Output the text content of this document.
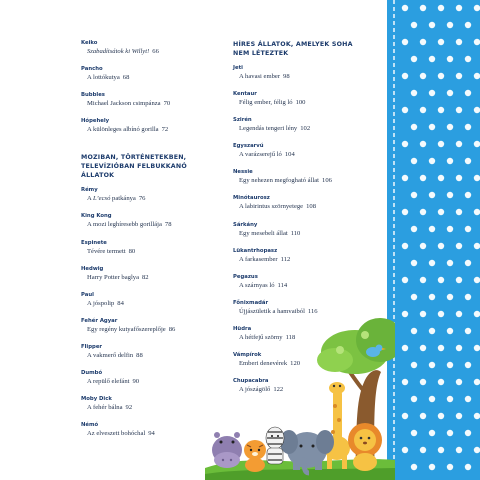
Keiko
Szabadítsátok ki Willyt! 66
Pancho
A lottókutya 68
Bubbles
Michael Jackson csimpánza 70
Hópehely
A különleges albínó gorilla 72
MOZIBAN, TÖRTÉNETEKBEN, TELEVÍZIÓBAN FELBUKKANÓ ÁLLATOK
Rémy
A L’ecsó patkánya 76
King Kong
A mozi leghíresebb gorillája 78
Espinete
Tévére termett 80
Hedwig
Harry Potter baglya 82
Paul
A jóspolip 84
Fehér Agyar
Egy regény kutyafőszereplője 86
Flipper
A vakmerő delfin 88
Dumbó
A repülő elefánt 90
Moby Dick
A fehér bálna 92
Némó
Az elveszett bohóchal 94
HÍRES ÁLLATOK, AMELYEK SOHA NEM LÉTEZTEK
Jeti
A havasi ember 98
Kentaur
Félig ember, félig ló 100
Szirén
Legendás tengeri lény 102
Egyszarvú
A varázserejű ló 104
Nessie
Egy nehezen megfogható állat 106
Minótaurosz
A labirintus szörnyetege 108
Sárkány
Egy mesebeli állat 110
Lükantrhopasz
A farkasember 112
Pegazus
A szárnyas ló 114
Főnixmadár
Újjászületik a hamvaiból 116
Hüdra
A hétfejű szörny 118
Vámpírok
Emberi denevérek 120
Chupacabra
A jószágölő 122
